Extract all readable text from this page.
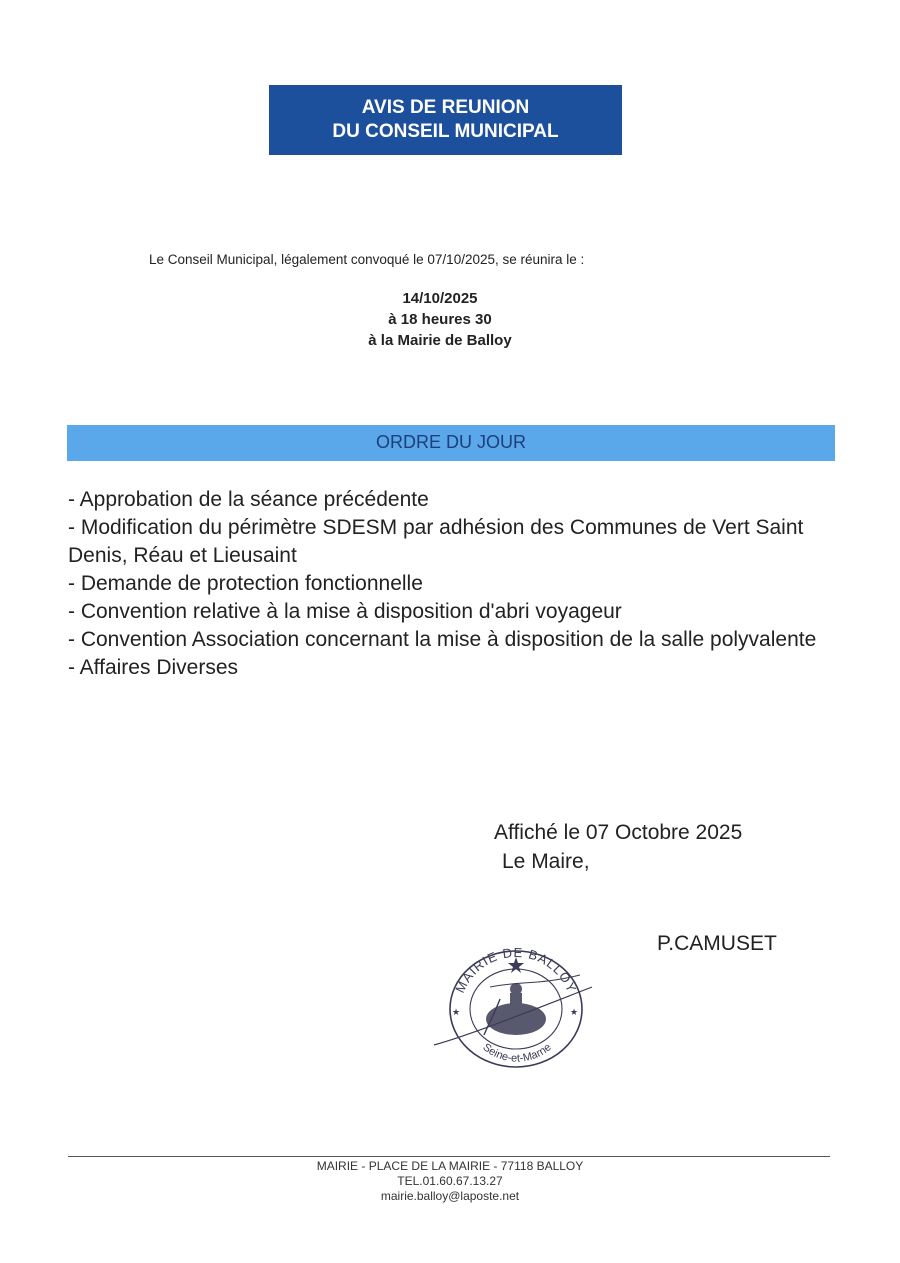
AVIS DE REUNION
DU CONSEIL MUNICIPAL
Le Conseil Municipal, légalement convoqué le 07/10/2025, se réunira le :
14/10/2025
à 18 heures 30
à la Mairie de Balloy
ORDRE DU JOUR
- Approbation de la séance précédente
- Modification du périmètre SDESM par adhésion des Communes de Vert Saint Denis, Réau et Lieusaint
- Demande de protection fonctionnelle
- Convention relative à la mise à disposition d'abri voyageur
- Convention Association concernant la mise à disposition de la salle polyvalente
- Affaires Diverses
Affiché le 07 Octobre 2025
Le Maire,
P.CAMUSET
MAIRIE DE BALLOY
Seine-et-Marne
★	★
MAIRIE - PLACE DE LA MAIRIE - 77118 BALLOY
TEL.01.60.67.13.27
mairie.balloy@laposte.net
